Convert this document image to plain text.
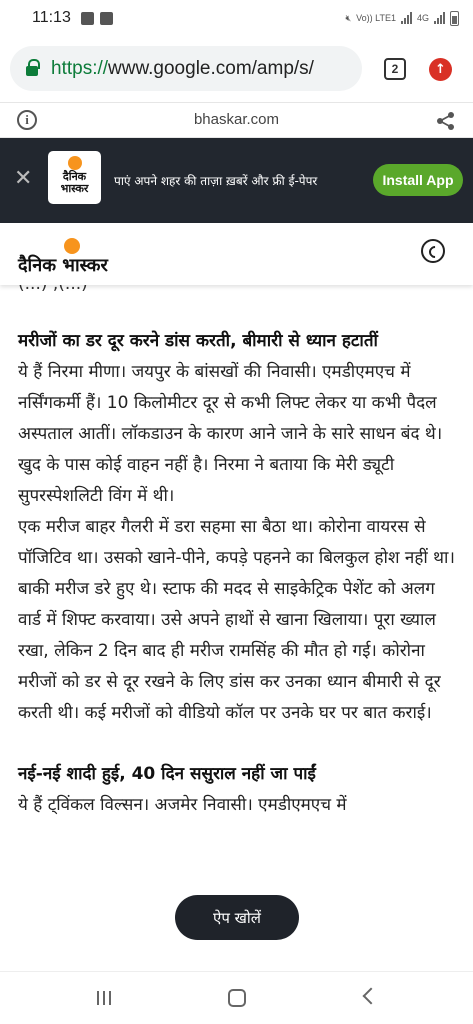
11:13	🔇︎ Vo)) LTE1 4G
https://www.google.com/amp/s/	2	↑
i	bhaskar.com
✕	दैनिक भास्कर
पाएं अपने शहर की ताज़ा ख़बरें और फ्री ई-पेपर	Install App
दैनिक भास्कर
मरीजों का डर दूर करने डांस करती, बीमारी से ध्यान हटातीं

ये हैं निरमा मीणा। जयपुर के बांसखों की निवासी। एमडीएमएच में नर्सिंगकर्मी हैं। 10 किलोमीटर दूर से कभी लिफ्ट लेकर या कभी पैदल अस्पताल आतीं। लॉकडाउन के कारण आने जाने के सारे साधन बंद थे। खुद के पास कोई वाहन नहीं है। निरमा ने बताया कि मेरी ड्यूटी सुपरस्पेशलिटी विंग में थी।

एक मरीज बाहर गैलरी में डरा सहमा सा बैठा था। कोरोना वायरस से पॉजिटिव था। उसको खाने-पीने, कपड़े पहनने का बिलकुल होश नहीं था। बाकी मरीज डरे हुए थे। स्टाफ की मदद से साइकेट्रिक पेशेंट को अलग वार्ड में शिफ्ट करवाया। उसे अपने हाथों से खाना खिलाया। पूरा ख्याल रखा, लेकिन 2 दिन बाद ही मरीज रामसिंह की मौत हो गई। कोरोना मरीजों को डर से दूर रखने के लिए डांस कर उनका ध्यान बीमारी से दूर करती थी। कई मरीजों को वीडियो कॉल पर उनके घर पर बात कराई।

नई-नई शादी हुई, 40 दिन ससुराल नहीं जा पाईं

ये हैं ट्विंकल विल्सन। अजमेर निवासी। एमडीएमएच में

ऐप खोलें
